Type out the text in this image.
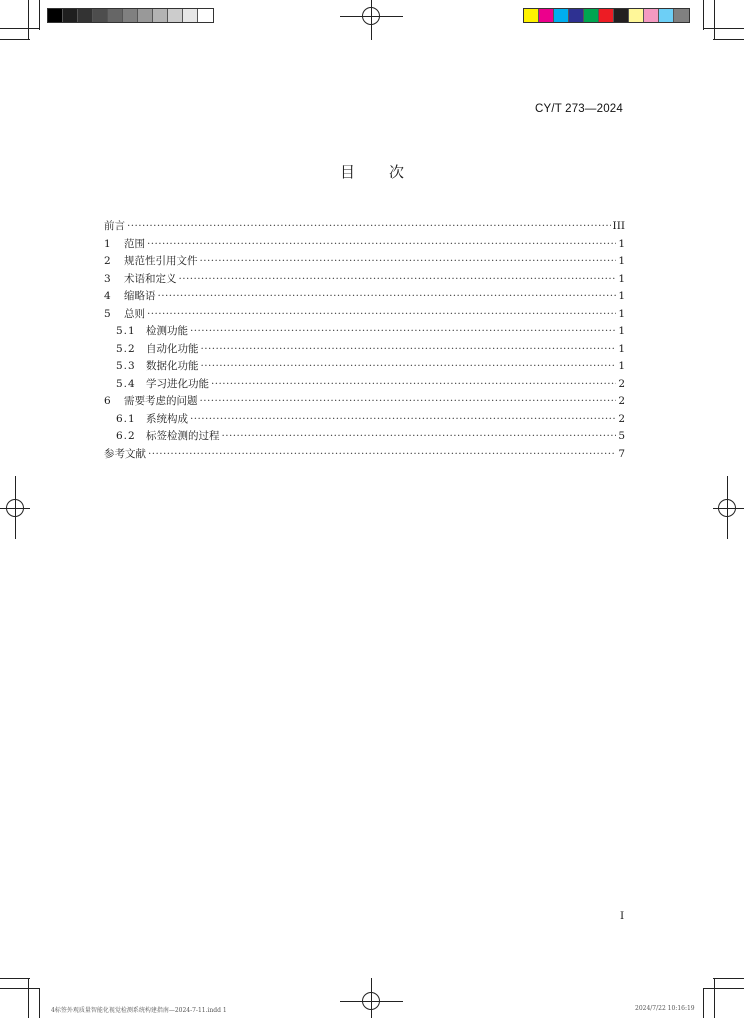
CY/T 273—2024
目 次
前言 ·····	III
1	范围 ·····	1
2	规范性引用文件 ·····	1
3	术语和定义 ·····	1
4	缩略语 ·····	1
5	总则 ·····	1
5.1 检测功能 ·····	1
5.2 自动化功能 ·····	1
5.3 数据化功能 ·····	1
5.4 学习进化功能 ·····	2
6	需要考虑的问题 ·····	2
6.1 系统构成 ·····	2
6.2 标签检测的过程 ·····	5
参考文献 ·····	7
I
4标签外观质量智能化视觉检测系统构建指南—2024-7-11.indd 1	2024/7/22 10:16:19
